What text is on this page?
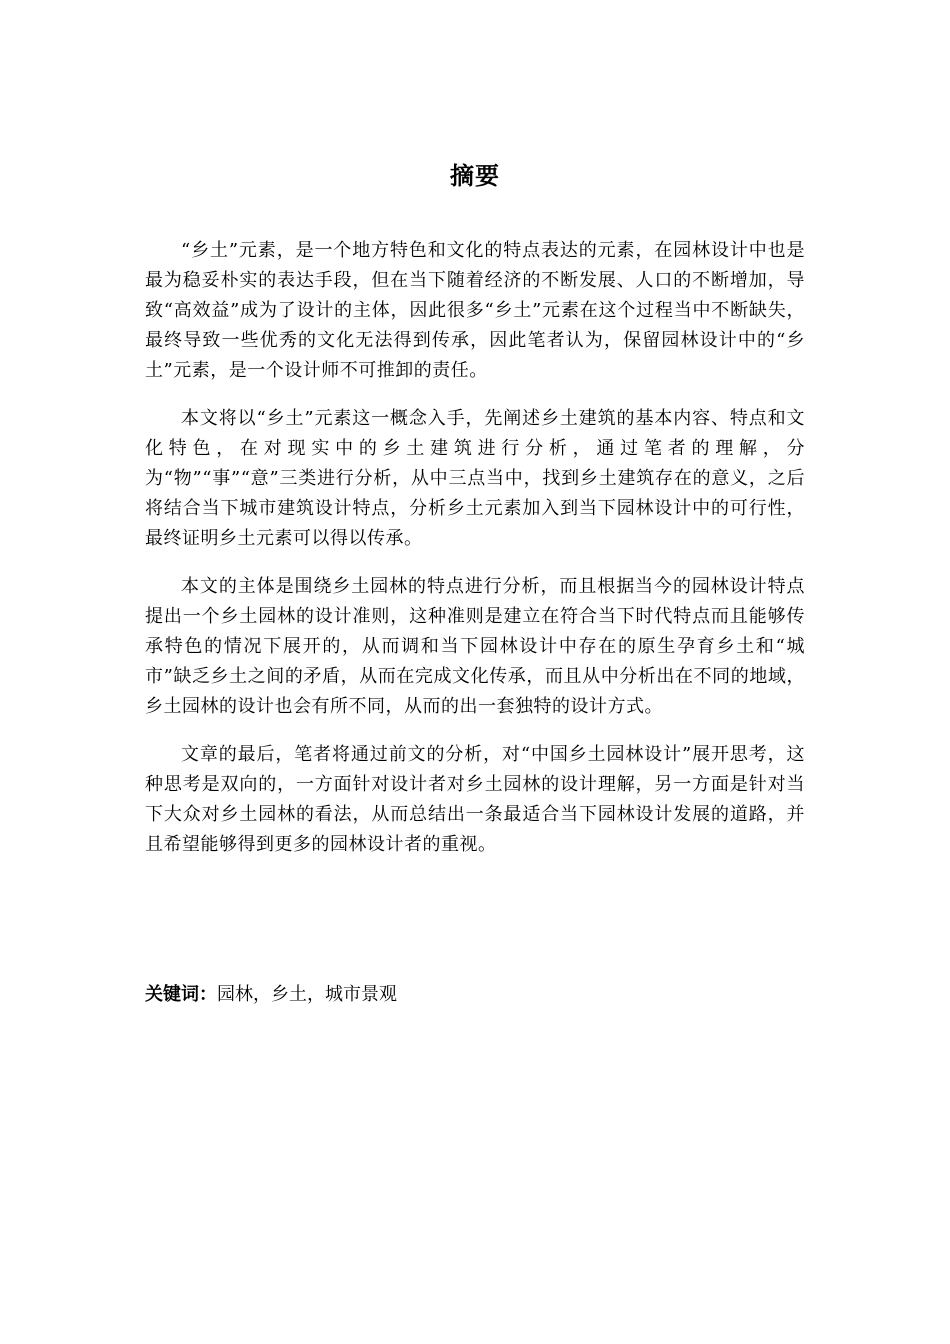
摘要

“乡土”元素，是一个地方特色和文化的特点表达的元素，在园林设计中也是最为稳妥朴实的表达手段，但在当下随着经济的不断发展、人口的不断增加，导致“高效益”成为了设计的主体，因此很多“乡土”元素在这个过程当中不断缺失，最终导致一些优秀的文化无法得到传承，因此笔者认为，保留园林设计中的“乡土”元素，是一个设计师不可推卸的责任。

本文将以“乡土”元素这一概念入手，先阐述乡土建筑的基本内容、特点和文化特色，在对现实中的乡土建筑进行分析，通过笔者的理解，分为“物”“事”“意”三类进行分析，从中三点当中，找到乡土建筑存在的意义，之后将结合当下城市建筑设计特点，分析乡土元素加入到当下园林设计中的可行性，最终证明乡土元素可以得以传承。

本文的主体是围绕乡土园林的特点进行分析，而且根据当今的园林设计特点提出一个乡土园林的设计准则，这种准则是建立在符合当下时代特点而且能够传承特色的情况下展开的，从而调和当下园林设计中存在的原生孕育乡土和“城市”缺乏乡土之间的矛盾，从而在完成文化传承，而且从中分析出在不同的地域，乡土园林的设计也会有所不同，从而的出一套独特的设计方式。

文章的最后，笔者将通过前文的分析，对“中国乡土园林设计”展开思考，这种思考是双向的，一方面针对设计者对乡土园林的设计理解，另一方面是针对当下大众对乡土园林的看法，从而总结出一条最适合当下园林设计发展的道路，并且希望能够得到更多的园林设计者的重视。

关键词：园林，乡土，城市景观
